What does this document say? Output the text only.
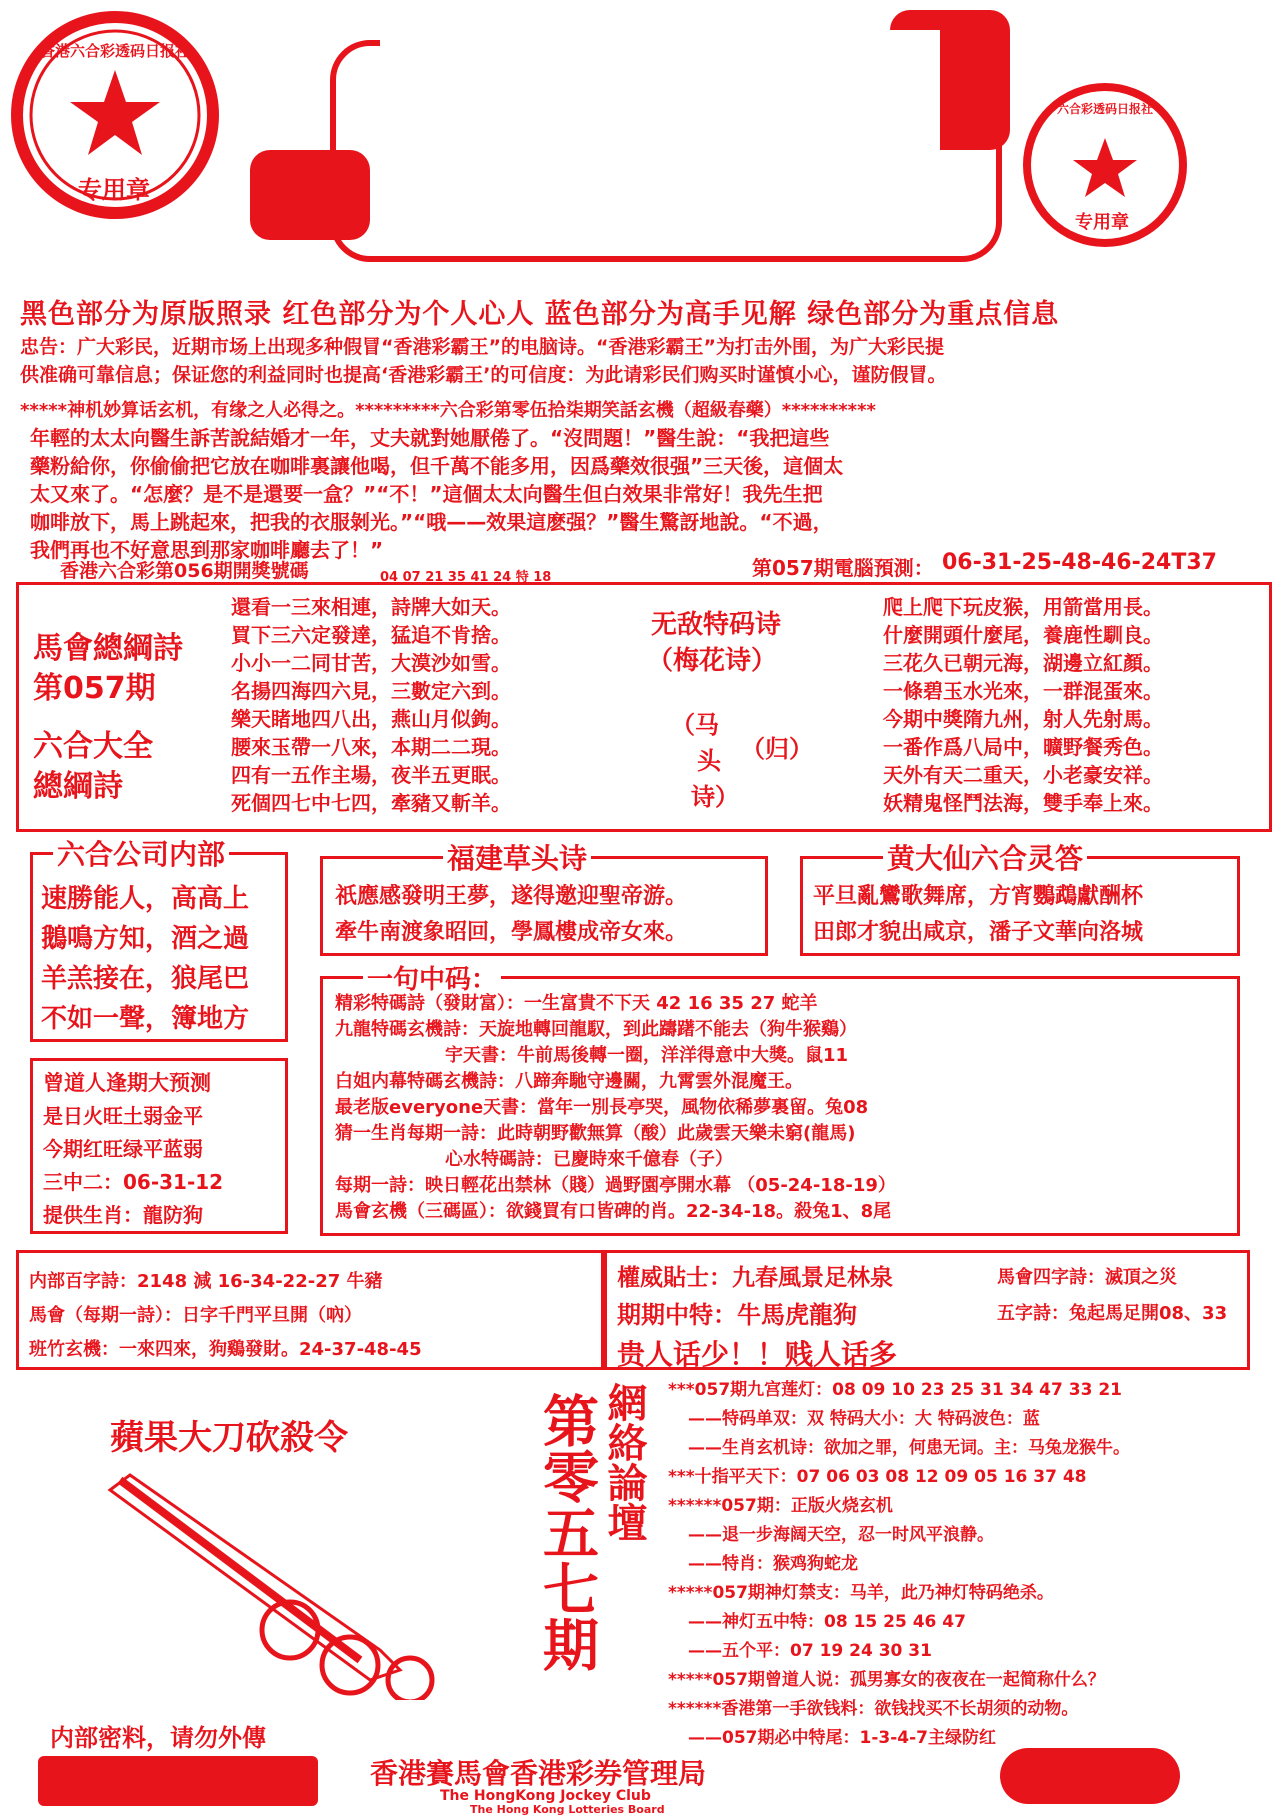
专用章
香港六合彩透码日报社
专用章
六合彩透码日报社
黑色部分为原版照录 红色部分为个人心人 蓝色部分为高手见解 绿色部分为重点信息
忠告：广大彩民，近期市场上出现多种假冒“香港彩霸王”的电脑诗。“香港彩霸王”为打击外围，为广大彩民提
供准确可靠信息；保证您的利益同时也提高‘香港彩霸王’的可信度：为此请彩民们购买时谨慎小心，谨防假冒。
*****神机妙算话玄机，有缘之人必得之。*********六合彩第零伍拾柒期笑話玄機（超級春藥）**********
年輕的太太向醫生訴苦說結婚才一年，丈夫就對她厭倦了。“沒問題！”醫生說：“我把這些
藥粉給你，你偷偷把它放在咖啡裏讓他喝，但千萬不能多用，因爲藥效很强”三天後，這個太
太又來了。“怎麼？是不是還要一盒？”“不！”這個太太向醫生但白效果非常好！我先生把
咖啡放下，馬上跳起來，把我的衣服剝光。”“哦——效果這麽强？”醫生驚訝地說。“不過，
我們再也不好意思到那家咖啡廳去了！”
香港六合彩第056期開獎號碼	04 07 21 35 41 24 特 18	第057期電腦預測： 06-31-25-48-46-24T37
馬會總綱詩
第057期
六合大全
總綱詩
還看一三來相連，詩牌大如天。
買下三六定發達，猛追不肯捨。
小小一二同甘苦，大漠沙如雪。
名揚四海四六見，三數定六到。
樂天睹地四八出，燕山月似鉤。
腰來玉帶一八來，本期二二現。
四有一五作主場，夜半五更眠。
死個四七中七四，牽豬又斬羊。
无敌特码诗
（梅花诗）
（马
头 （归）
诗）
爬上爬下玩皮猴，用箭當用長。
什麼開頭什麼尾，養鹿性馴良。
三花久已朝元海，湖邊立紅顏。
一條碧玉水光來，一群混蛋來。
今期中獎隋九州，射人先射馬。
一番作爲八局中，曠野餐秀色。
天外有天二重天，小老豪安祥。
妖精鬼怪鬥法海，雙手奉上來。
六合公司内部
速勝能人，高高上
鵝鳴方知，酒之過
羊羔接在，狼尾巴
不如一聲，簿地方
福建草头诗
祇應感發明王夢，遂得邀迎聖帝游。
牽牛南渡象昭回，學鳳樓成帝女來。
黄大仙六合灵答
平旦亂鸞歌舞席，方宵鸚鵡獻酬杯
田郎才貌出咸京，潘子文華向洛城
曾道人逢期大预测
是日火旺土弱金平
今期红旺绿平蓝弱
三中二：06-31-12
提供生肖：龍防狗
一句中码：
精彩特碼詩（發財富）：一生富貴不下天 42 16 35 27 蛇羊
九龍特碼玄機詩：天旋地轉回龍馭，到此躊躇不能去（狗牛猴鷄）
宇天書：牛前馬後轉一圈，洋洋得意中大獎。鼠11
白姐内幕特碼玄機詩：八蹄奔馳守邊關，九霄雲外混魔王。
最老版everyone天書：當年一別長亭哭，風物依稀夢裏留。兔08
猜一生肖每期一詩：此時朝野歡無算（酸）此歲雲天樂未窮(龍馬)
心水特碼詩：已慶時來千億春（子）
每期一詩：映日輕花出禁林（賤）過野園亭開水幕 （05-24-18-19）
馬會玄機（三碼區）：欲錢買有口皆碑的肖。22-34-18。殺兔1、8尾
内部百字詩：2148 減 16-34-22-27 牛豬
馬會（每期一詩）：日字千門平旦開（吶）
班竹玄機：一來四來，狗鷄發財。24-37-48-45
權威貼士：九春風景足林泉	馬會四字詩：滅頂之災
期期中特：牛馬虎龍狗	五字詩：兔起馬足開08、33
贵人话少！！贱人话多
蘋果大刀砍殺令
内部密料，请勿外傳
第零五七期 網絡論壇 ***057期九宫莲灯：08 09 10 23 25 31 34 47 33 21
——特码单双：双 特码大小：大 特码波色：蓝
——生肖玄机诗：欲加之罪，何患无词。主：马兔龙猴牛。
***十指平天下：07 06 03 08 12 09 05 16 37 48
******057期：正版火烧玄机
——退一步海阔天空，忍一时风平浪静。
——特肖：猴鸡狗蛇龙
*****057期神灯禁支：马羊，此乃神灯特码绝杀。
——神灯五中特：08 15 25 46 47
——五个平：07 19 24 30 31
*****057期曾道人说：孤男寡女的夜夜在一起简称什么？
******香港第一手欲钱料：欲钱找买不长胡须的动物。
——057期必中特尾：1-3-4-7主绿防红
香港賽馬會香港彩券管理局
The HongKong Jockey Club
The Hong Kong Lotteries Board
